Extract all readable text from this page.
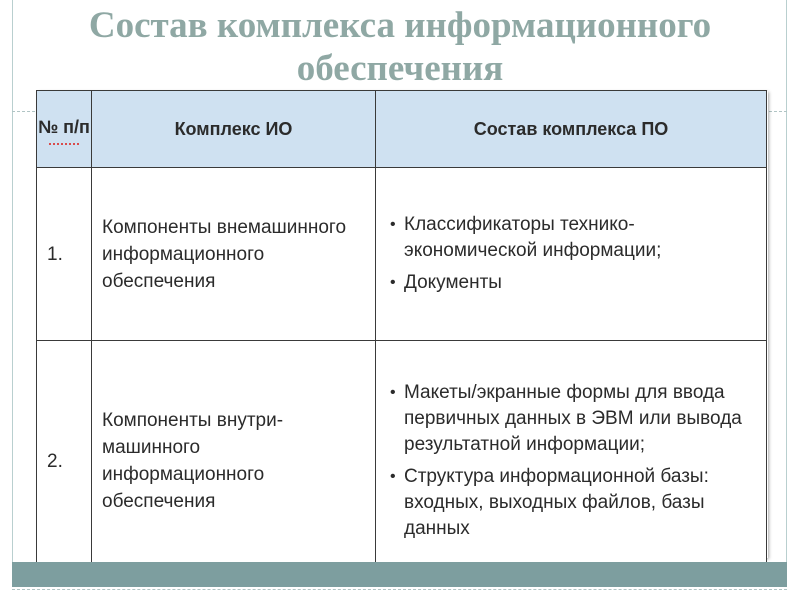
Состав комплекса информационного
обеспечения
№ п/п	Комплекс ИО	Состав комплекса ПО
1.	Компоненты внемашинного информационного обеспечения	• Классификаторы технико-экономической информации;
• Документы

2.	Компоненты внутри-машинного информационного обеспечения	• Макеты/экранные формы для ввода первичных данных в ЭВМ или вывода результатной информации;
• Структура информационной базы: входных, выходных файлов, базы данных
